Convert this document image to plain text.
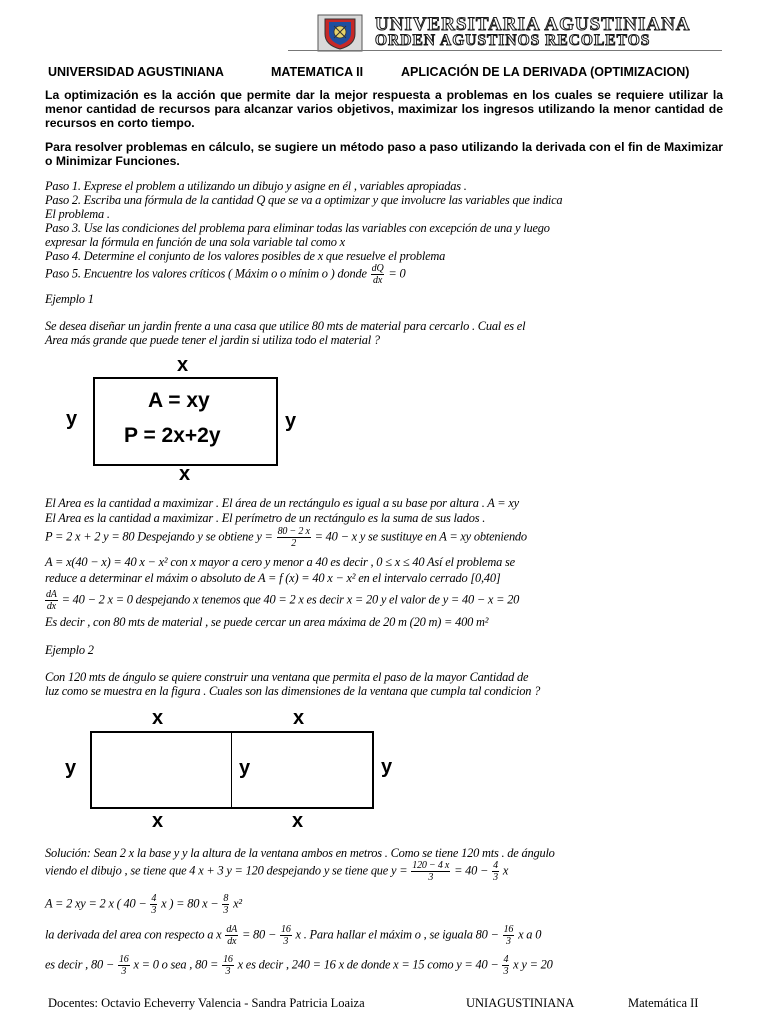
UNIVERSITARIA AGUSTINIANA
ORDEN AGUSTINOS RECOLETOS
UNIVERSIDAD AGUSTINIANA	MATEMATICA II	APLICACIÓN DE LA DERIVADA (OPTIMIZACION)
La optimización es la acción que permite dar la mejor respuesta a problemas en los cuales se requiere utilizar la menor cantidad de recursos para alcanzar varios objetivos, maximizar los ingresos utilizando la menor cantidad de recursos en corto tiempo.
Para resolver problemas en cálculo, se sugiere un método paso a paso utilizando la derivada con el fin de Maximizar o Minimizar Funciones.
Paso 1. Exprese el problem a utilizando un dibujo y asigne en él , variables apropiadas .
Paso 2. Escriba una fórmula de la cantidad Q que se va a optimizar y que involucre las variables que indica
El problema .
Paso 3. Use las condiciones del problema para eliminar todas las variables con excepción de una y luego
expresar la fórmula en función de una sola variable tal como x
Paso 4. Determine el conjunto de los valores posibles de x que resuelve el problema
Paso 5. Encuentre los valores críticos ( Máxim o o mínim o ) donde $\frac{dQ}{dx} = 0$
Ejemplo 1
Se desea diseñar un jardin frente a una casa que utilice 80 mts de material para cercarlo . Cual es el
Area más grande que puede tener el jardin si utiliza todo el material ?
x
x
y	y
A = xy
P = 2x+2y
El Area es la cantidad a maximizar . El área de un rectángulo es igual a su base por altura . A = xy
El Area es la cantidad a maximizar . El perímetro de un rectángulo es la suma de sus lados .
P = 2 x + 2 y = 80 Despejando y se obtiene $y = \frac{80 - 2 x}{2} = 40 - x$ y se sustituye en A = xy obteniendo
A = x(40 − x) = 40 x − x² con x mayor a cero y menor a 40 es decir , 0 ≤ x ≤ 40 Así el problema se
reduce a determinar el máxim o absoluto de A = f (x) = 40 x − x² en el intervalo cerrado [0,40]
$\frac{dA}{dx} = 40 - 2$ x = 0 despejando x tenemos que 40 = 2 x es decir x = 20 y el valor de y = 40 − x = 20
Es decir , con 80 mts de material , se puede cercar un area máxima de 20 m (20 m) = 400 m²
Ejemplo 2
Con 120 mts de ángulo se quiere construir una ventana que permita el paso de la mayor Cantidad de
luz como se muestra en la figura . Cuales son las dimensiones de la ventana que cumpla tal condicion ?
x	x
x	x
y	y	y
Solución: Sean 2 x la base y y la altura de la ventana ambos en metros . Como se tiene 120 mts . de ángulo
viendo el dibujo , se tiene que 4 x + 3 y = 120 despejando y se tiene que $y = \frac{120 - 4 x}{3} = 40 - \frac{4}{3}$ x
A = 2 xy = 2 x ( $40 - \frac{4}{3}$ x ) = 80 $x - \frac{8}{3} x^2$
la derivada del area con respecto a x $\frac{dA}{dx} = 80 - \frac{16}{3}$ x . Para hallar el máxim o , se iguala $80 - \frac{16}{3}$ x a 0
es decir , $80 - \frac{16}{3}$ x = 0 o sea , $80 = \frac{16}{3}$ x es decir , 240 = 16 x de donde x = 15 como $y = 40 - \frac{4}{3}$ x y = 20
Docentes: Octavio Echeverry Valencia - Sandra Patricia Loaiza	UNIAGUSTINIANA	Matemática II
